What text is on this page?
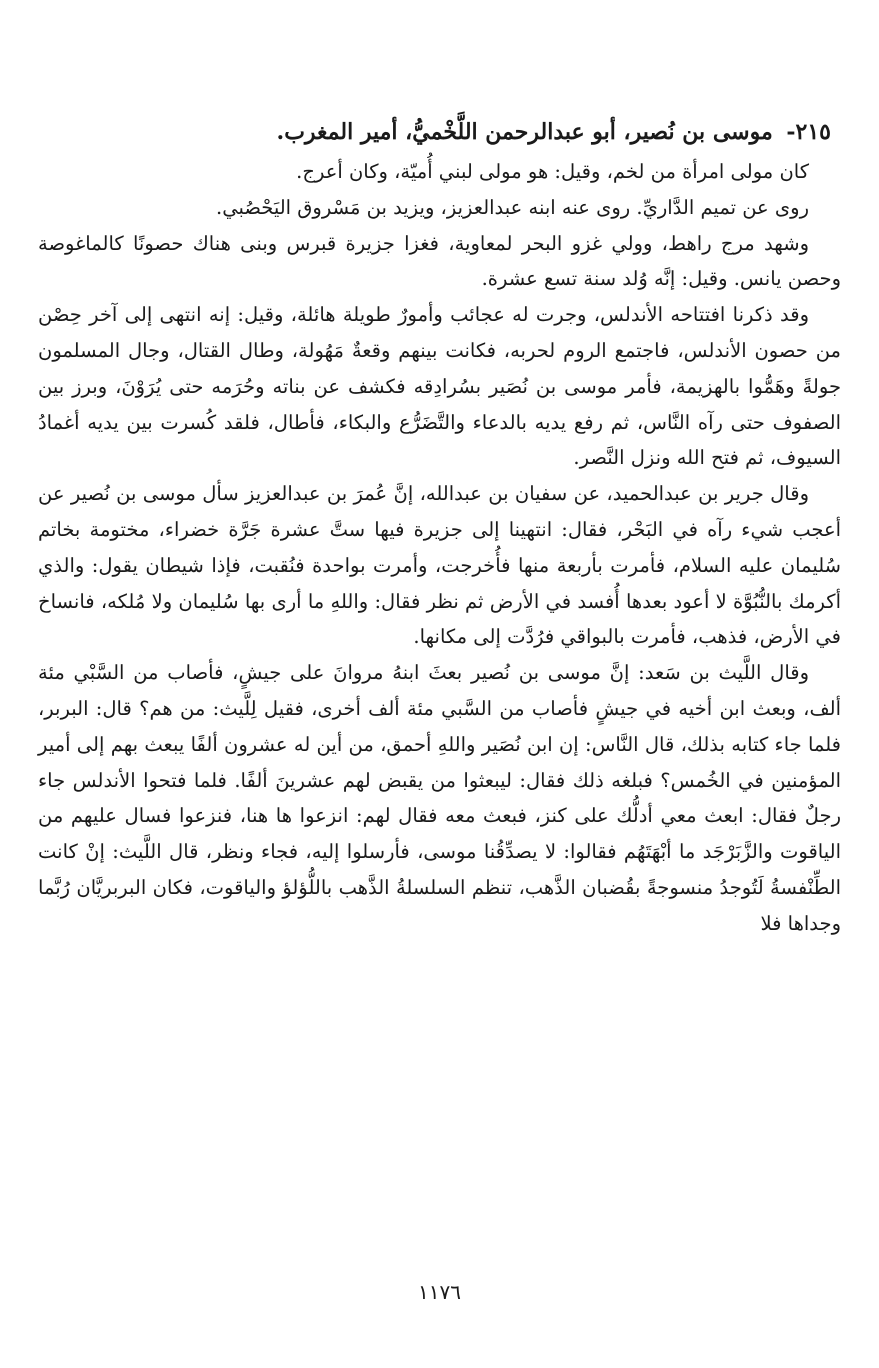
٢١٥- موسى بن نُصير، أبو عبدالرحمن اللَّخْميُّ، أمير المغرب.

كان مولى امرأة من لخم، وقيل: هو مولى لبني أُميّة، وكان أعرج.

روى عن تميم الدَّاريِّ. روى عنه ابنه عبدالعزيز، ويزيد بن مَسْروق اليَحْصُبي.

وشهد مرج راهط، وولي غزو البحر لمعاوية، فغزا جزيرة قبرس وبنى هناك حصونًا كالماغوصة وحصن يانس. وقيل: إنَّه وُلد سنة تسع عشرة.

وقد ذكرنا افتتاحه الأندلس، وجرت له عجائب وأمورٌ طويلة هائلة، وقيل: إنه انتهى إلى آخر حِصْن من حصون الأندلس، فاجتمع الروم لحربه، فكانت بينهم وقعةٌ مَهُولة، وطال القتال، وجال المسلمون جولةً وهَمُّوا بالهزيمة، فأمر موسى بن نُصَير بسُرادِقه فكشف عن بناته وحُرَمه حتى يُرَوْنَ، وبرز بين الصفوف حتى رآه النَّاس، ثم رفع يديه بالدعاء والتَّضَرُّع والبكاء، فأطال، فلقد كُسرت بين يديه أغمادُ السيوف، ثم فتح الله ونزل النَّصر.

وقال جرير بن عبدالحميد، عن سفيان بن عبدالله، إنَّ عُمرَ بن عبدالعزيز سأل موسى بن نُصير عن أعجب شيء رآه في البَحْر، فقال: انتهينا إلى جزيرة فيها ستَّ عشرة جَرَّة خضراء، مختومة بخاتم سُليمان عليه السلام، فأمرت بأربعة منها فأُخرجت، وأمرت بواحدة فنُقبت، فإذا شيطان يقول: والذي أكرمك بالنُّبُوَّة لا أعود بعدها أُفسد في الأرض ثم نظر فقال: واللهِ ما أرى بها سُليمان ولا مُلكه، فانساخ في الأرض، فذهب، فأمرت بالبواقي فرُدَّت إلى مكانها.

وقال اللَّيث بن سَعد: إنَّ موسى بن نُصير بعثَ ابنهُ مروانَ على جيشٍ، فأصاب من السَّبْي مئة ألف، وبعث ابن أخيه في جيشٍ فأصاب من السَّبي مئة ألف أخرى، فقيل لِلَّيث: من هم؟ قال: البربر، فلما جاء كتابه بذلك، قال النَّاس: إن ابن نُصَير واللهِ أحمق، من أين له عشرون ألفًا يبعث بهم إلى أمير المؤمنين في الخُمس؟ فبلغه ذلك فقال: ليبعثوا من يقبض لهم عشرينَ ألفًا. فلما فتحوا الأندلس جاء رجلٌ فقال: ابعث معي أدلُّك على كنز، فبعث معه فقال لهم: انزعوا ها هنا، فنزعوا فسال عليهم من الياقوت والزَّبَرْجَد ما أبْهَتَهُم فقالوا: لا يصدِّقُنا موسى، فأرسلوا إليه، فجاء ونظر، قال اللَّيث: إنْ كانت الطِّنْفسةُ لَتُوجدُ منسوجةً بقُضبان الذَّهب، تنظم السلسلةُ الذَّهب باللُّؤلؤ والياقوت، فكان البربريَّان رُبَّما وجداها فلا

١١٧٦
